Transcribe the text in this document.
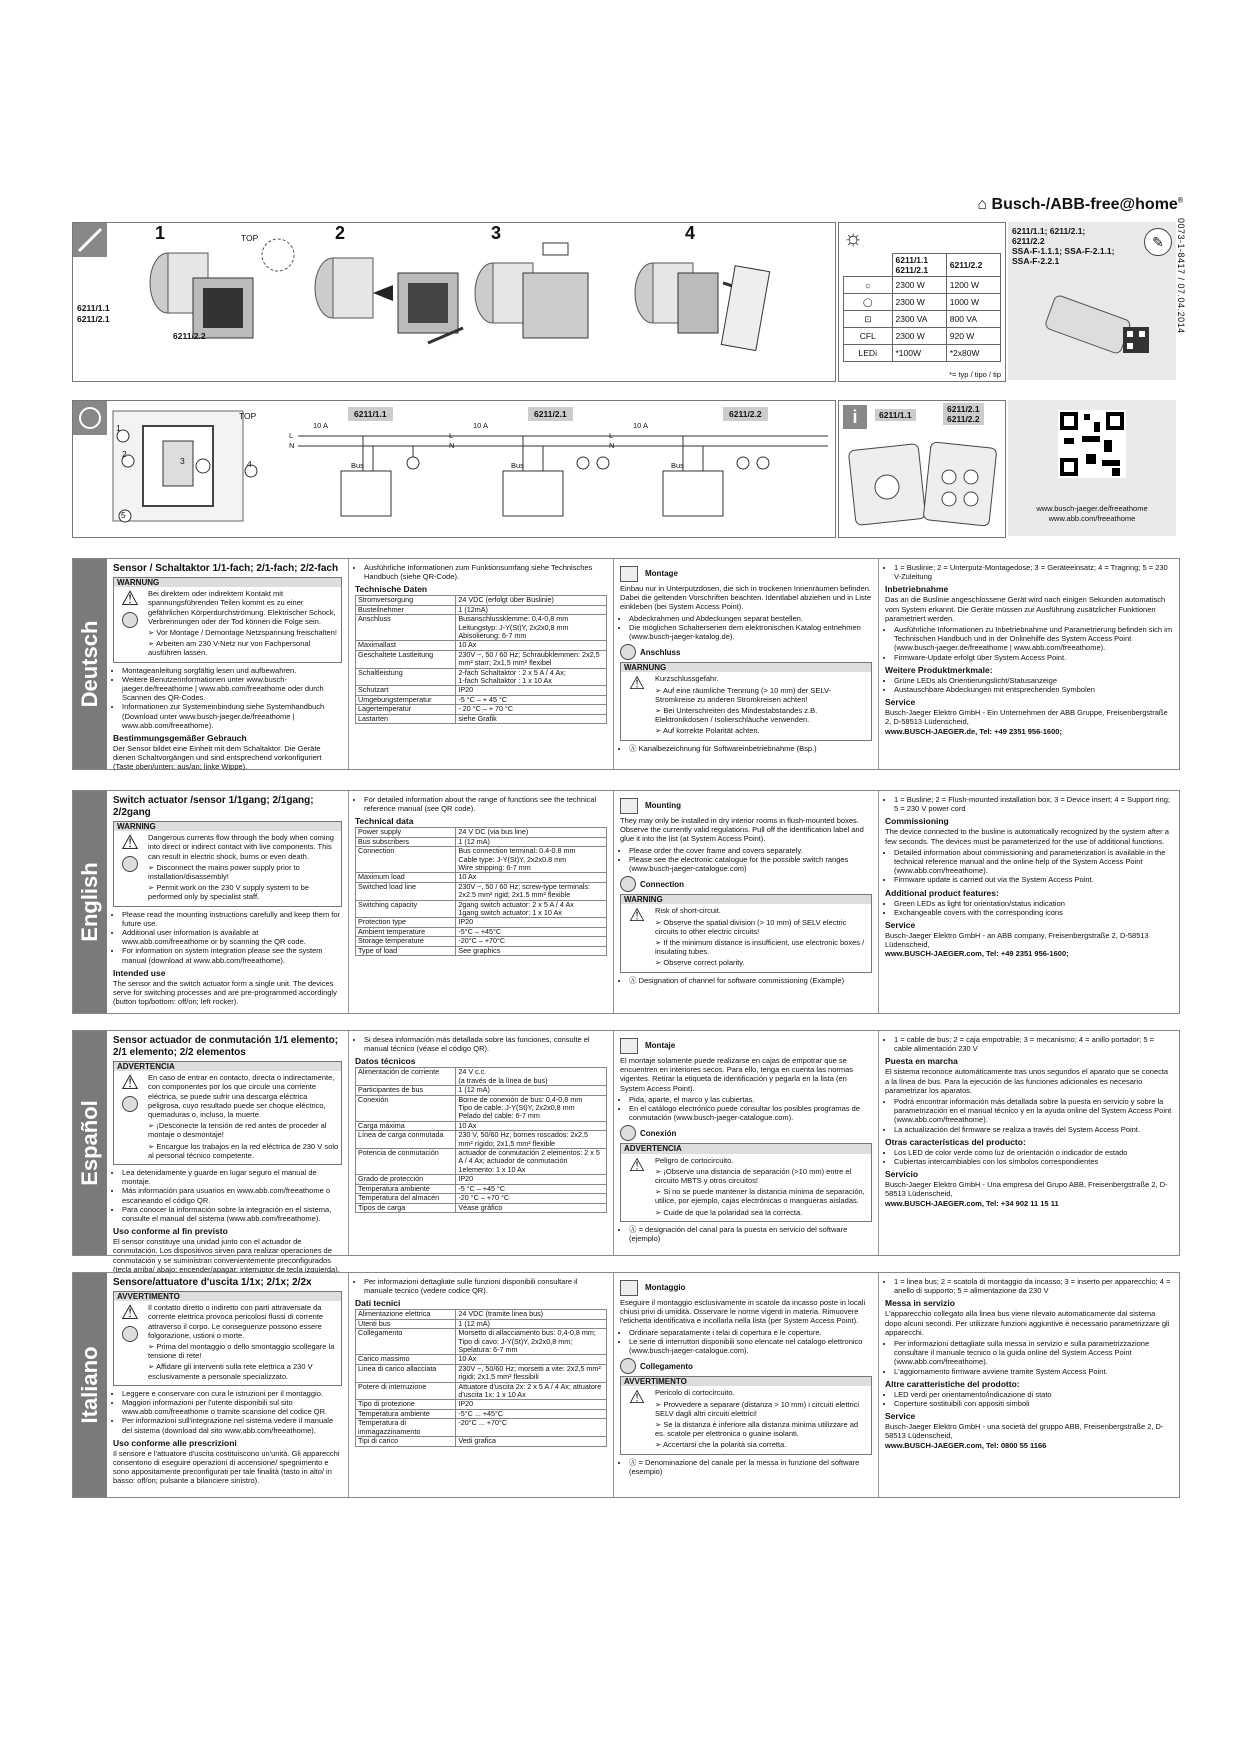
⌂ Busch-/ABB-free@home®
0073-1-8417 / 07.04.2014
1	2	3	4
TOP
6211/1.1
6211/2.1
6211/2.2
☼
	6211/1.1
6211/2.1	6211/2.2
☼	2300 W	1200 W
◯	2300 W	1000 W
⊡	2300 VA	800 VA
CFL	2300 W	920 W
LEDi	*100W	*2x80W
*= typ / tipo / tip
6211/1.1; 6211/2.1;
6211/2.2
SSA-F-1.1.1; SSA-F-2.1.1;
SSA-F-2.2.1
✎
TOP
1
2
3	4
5
6211/1.1	6211/2.1	6211/2.2
10 A	10 A	10 A
L
N
L
N
L
N
Bus	Bus	Bus
i	6211/1.1
6211/2.1
6211/2.2
www.busch-jaeger.de/freeathome
www.abb.com/freeathome
Deutsch
Sensor / Schaltaktor 1/1-fach; 2/1-fach; 2/2-fach
WARNUNG
⚠ Bei direktem oder indirektem Kontakt mit spannungsführenden Teilen kommt es zu einer gefährlichen Körperdurchströmung. Elektrischer Schock, Verbrennungen oder der Tod können die Folge sein.

➢ Vor Montage / Demontage Netzspannung freischalten!

➢ Arbeiten am 230 V-Netz nur von Fachpersonal ausführen lassen.

• Montageanleitung sorgfältig lesen und aufbewahren.
• Weitere Benutzerinformationen unter www.busch-jaeger.de/freeathome | www.abb.com/freeathome oder durch Scannen des QR-Codes.
• Informationen zur Systemeinbindung siehe Systemhandbuch (Download unter www.busch-jaeger.de/freeathome | www.abb.com/freeathome).
Bestimmungsgemäßer Gebrauch

Der Sensor bildet eine Einheit mit dem Schaltaktor. Die Geräte dienen Schaltvorgängen und sind entsprechend vorkonfiguriert (Taste oben/unten: aus/an; linke Wippe).

• Ausführliche Informationen zum Funktionsumfang siehe Technisches Handbuch (siehe QR-Code).
Technische Daten
Stromversorgung	24 VDC (erfolgt über Buslinie)
Busteilnehmer	1 (12mA)
Anschluss	Busanschlussklemme: 0,4-0,8 mm
Leitungstyp: J-Y(St)Y, 2x2x0,8 mm
Abisolierung: 6-7 mm
Maximallast	10 Ax
Geschaltete Lastleitung	230V ~, 50 / 60 Hz; Schraubklemmen: 2x2,5 mm² starr; 2x1,5 mm² flexibel
Schaltleistung	2-fach Schaltaktor : 2 x 5 A / 4 Ax;
1-fach Schaltaktor : 1 x 10 Ax
Schutzart	IP20
Umgebungstemperatur	-5 °C – + 45 °C
Lagertemperatur	- 20 °C – + 70 °C
Lastarten	siehe Grafik
Montage

Einbau nur in Unterputzdosen, die sich in trockenen Innenräumen befinden. Dabei die geltenden Vorschriften beachten. Identlabel abziehen und in Liste einkleben (bei System Access Point).

• Abdeckrahmen und Abdeckungen separat bestellen.
• Die möglichen Schalterserien dem elektronischen Katalog entnehmen (www.busch-jaeger-katalog.de).
Anschluss
WARNUNG
⚠ Kurzschlussgefahr.

➢ Auf eine räumliche Trennung (> 10 mm) der SELV-Stromkreise zu anderen Stromkreisen achten!

➢ Bei Unterschreiten des Mindestabstandes z.B. Elektronikdosen / Isolierschläuche verwenden.

➢ Auf korrekte Polarität achten.

• Ⓐ Kanalbezeichnung für Softwareinbetriebnahme (Bsp.)
• 1 = Buslinie; 2 = Unterputz-Montagedose; 3 = Geräteeinsatz; 4 = Tragring; 5 = 230 V-Zuleitung
Inbetriebnahme

Das an die Buslinie angeschlossene Gerät wird nach einigen Sekunden automatisch vom System erkannt. Die Geräte müssen zur Ausführung zusätzlicher Funktionen parametriert werden.

• Ausführliche Informationen zu Inbetriebnahme und Parametrierung befinden sich im Technischen Handbuch und in der Onlinehilfe des System Access Point (www.busch-jaeger.de/freeathome | www.abb.com/freeathome).
• Firmware-Update erfolgt über System Access Point.
Weitere Produktmerkmale:
• Grüne LEDs als Orientierungslicht/Statusanzeige
• Austauschbare Abdeckungen mit entsprechenden Symbolen
Service

Busch-Jaeger Elektro GmbH - Ein Unternehmen der ABB Gruppe, Freisenbergstraße 2, D-58513 Lüdenscheid,
www.BUSCH-JAEGER.de, Tel: +49 2351 956-1600;

English
Switch actuator /sensor 1/1gang; 2/1gang; 2/2gang
WARNING
⚠ Dangerous currents flow through the body when coming into direct or indirect contact with live components. This can result in electric shock, burns or even death.

➢ Disconnect the mains power supply prior to installation/disassembly!

➢ Permit work on the 230 V supply system to be performed only by specialist staff.

• Please read the mounting instructions carefully and keep them for future use.
• Additional user information is available at www.abb.com/freeathome or by scanning the QR code.
• For information on system integration please see the system manual (download at www.abb.com/freeathome).
Intended use

The sensor and the switch actuator form a single unit. The devices serve for switching processes and are pre-programmed accordingly (button top/bottom: off/on; left rocker).

• For detailed information about the range of functions see the technical reference manual (see QR code).
Technical data
Power supply	24 V DC (via bus line)
Bus subscribers	1 (12 mA)
Connection	Bus connection terminal: 0.4-0.8 mm
Cable type: J-Y(St)Y, 2x2x0.8 mm
Wire stripping: 6-7 mm
Maximum load	10 Ax
Switched load line	230V ~, 50 / 60 Hz; screw-type terminals: 2x2.5 mm² rigid; 2x1.5 mm² flexible
Switching capacity	2gang switch actuator: 2 x 5 A / 4 Ax
1gang switch actuator: 1 x 10 Ax
Protection type	IP20
Ambient temperature	-5°C – +45°C
Storage temperature	-20°C – +70°C
Type of load	See graphics
Mounting

They may only be installed in dry interior rooms in flush-mounted boxes. Observe the currently valid regulations. Pull off the identification label and glue it into the list (at System Access Point).

• Please order the cover frame and covers separately.
• Please see the electronic catalogue for the possible switch ranges (www.busch-jaeger-catalogue.com)
Connection
WARNING
⚠ Risk of short-circuit.

➢ Observe the spatial division (> 10 mm) of SELV electric circuits to other electric circuits!

➢ If the minimum distance is insufficient, use electronic boxes / insulating tubes.

➢ Observe correct polarity.

• Ⓐ Designation of channel for software commissioning (Example)
• 1 = Busline; 2 = Flush-mounted installation box; 3 = Device insert; 4 = Support ring; 5 = 230 V power cord
Commissioning

The device connected to the busline is automatically recognized by the system after a few seconds. The devices must be parameterized for the use of additional functions.

• Detailed information about commissioning and parameterization is available in the technical reference manual and the online help of the System Access Point (www.abb.com/freeathome).
• Firmware update is carried out via the System Access Point.
Additional product features:
• Green LEDs as light for orientation/status indication
• Exchangeable covers with the corresponding icons
Service

Busch-Jaeger Elektro GmbH - an ABB company, Freisenbergstraße 2, D-58513 Lüdenscheid,
www.BUSCH-JAEGER.com, Tel: +49 2351 956-1600;

Español
Sensor actuador de conmutación 1/1 elemento; 2/1 elemento; 2/2 elementos
ADVERTENCIA
⚠ En caso de entrar en contacto, directa o indirectamente, con componentes por los que circule una corriente eléctrica, se puede sufrir una descarga eléctrica peligrosa, cuyo resultado puede ser choque eléctrico, quemaduras o, incluso, la muerte.

➢ ¡Desconecte la tensión de red antes de proceder al montaje o desmontaje!

➢ Encargue los trabajos en la red eléctrica de 230 V solo al personal técnico competente.

• Lea detenidamente y guarde en lugar seguro el manual de montaje.
• Más información para usuarios en www.abb.com/freeathome o escaneando el código QR.
• Para conocer la información sobre la integración en el sistema, consulte el manual del sistema (www.abb.com/freeathome).
Uso conforme al fin previsto

El sensor constituye una unidad junto con el actuador de conmutación. Los dispositivos sirven para realizar operaciones de conmutación y se suministran convenientemente preconfigurados (tecla arriba/ abajo: encender/apagar; interruptor de tecla izquierda).

• Si desea información más detallada sobre las funciones, consulte el manual técnico (véase el código QR).
Datos técnicos
Alimentación de corriente	24 V c.c.
(a través de la línea de bus)
Participantes de bus	1 (12 mA)
Conexión	Borne de conexión de bus: 0,4-0,8 mm
Tipo de cable: J-Y(St)Y, 2x2x0,8 mm
Pelado del cable: 6-7 mm
Carga máxima	10 Ax
Línea de carga conmutada	230 V, 50/60 Hz; bornes roscados: 2x2,5 mm² rígido; 2x1,5 mm² flexible
Potencia de conmutación	actuador de conmutación 2 elementos: 2 x 5 A / 4 Ax; actuador de conmutación 1elemento: 1 x 10 Ax
Grado de protección	IP20
Temperatura ambiente	-5 °C – +45 °C
Temperatura del almacén	-20 °C – +70 °C
Tipos de carga	Véase gráfico
Montaje

El montaje solamente puede realizarse en cajas de empotrar que se encuentren en interiores secos. Para ello, tenga en cuenta las normas vigentes. Retirar la etiqueta de identificación y pegarla en la lista (en System Access Point).

• Pida, aparte, el marco y las cubiertas.
• En el catálogo electrónico puede consultar los posibles programas de conmutación (www.busch-jaeger-catalogue.com).
Conexión
ADVERTENCIA
⚠ Peligro de cortocircuito.

➢ ¡Observe una distancia de separación (>10 mm) entre el circuito MBTS y otros circuitos!

➢ Si no se puede mantener la distancia mínima de separación, utilice, por ejemplo, cajas electrónicas o mangueras aisladas.

➢ Cuide de que la polaridad sea la correcta.

• Ⓐ = designación del canal para la puesta en servicio del software (ejemplo)
• 1 = cable de bus; 2 = caja empotrable; 3 = mecanismo; 4 = anillo portador; 5 = cable alimentación 230 V
Puesta en marcha

El sistema reconoce automáticamente tras unos segundos el aparato que se conecta a la línea de bus. Para la ejecución de las funciones adicionales es necesario parametrizar los aparatos.

• Podrá encontrar información más detallada sobre la puesta en servicio y sobre la parametrización en el manual técnico y en la ayuda online del System Access Point (www.abb.com/freeathome).
• La actualización del firmware se realiza a través del System Access Point.
Otras características del producto:
• Los LED de color verde como luz de orientación o indicador de estado
• Cubiertas intercambiables con los símbolos correspondientes
Servicio

Busch-Jaeger Elektro GmbH - Una empresa del Grupo ABB, Freisenbergstraße 2, D-58513 Lüdenscheid,
www.BUSCH-JAEGER.com, Tel: +34 902 11 15 11

Italiano
Sensore/attuatore d'uscita 1/1x; 2/1x; 2/2x
AVVERTIMENTO
⚠ Il contatto diretto o indiretto con parti attraversate da corrente elettrica provoca pericolosi flussi di corrente attraverso il corpo. Le conseguenze possono essere folgorazione, ustioni o morte.

➢ Prima del montaggio o dello smontaggio scollegare la tensione di rete!

➢ Affidare gli interventi sulla rete elettrica a 230 V esclusivamente a personale specializzato.

• Leggere e conservare con cura le istruzioni per il montaggio.
• Maggiori informazioni per l'utente disponibili sul sito www.abb.com/freeathome o tramite scansione del codice QR.
• Per informazioni sull'integrazione nel sistema vedere il manuale del sistema (download dal sito www.abb.com/freeathome).
Uso conforme alle prescrizioni

Il sensore e l'attuatore d'uscita costituiscono un'unità. Gli apparecchi consentono di eseguire operazioni di accensione/ spegnimento e sono appositamente preconfigurati per tale finalità (tasto in alto/ in basso: off/on; pulsante a bilanciere sinistro).

• Per informazioni dettagliate sulle funzioni disponibili consultare il manuale tecnico (vedere codice QR).
Dati tecnici
Alimentazione elettrica	24 VDC (tramite linea bus)
Utenti bus	1 (12 mA)
Collegamento	Morsetto di allacciamento bus: 0,4-0,8 mm; Tipo di cavo: J-Y(St)Y, 2x2x0,8 mm; Spelatura: 6-7 mm
Carico massimo	10 Ax
Linea di carico allacciata	230V ~, 50/60 Hz; morsetti a vite: 2x2,5 mm² rigidi; 2x1,5 mm² flessibili
Potere di interruzione	Attuatore d'uscita 2x: 2 x 5 A / 4 Ax; attuatore d'uscita 1x: 1 x 10 Ax
Tipo di protezione	IP20
Temperatura ambiente	-5°C ... +45°C
Temperatura di immagazzinamento	-20°C ... +70°C
Tipi di carico	Vedi grafica
Montaggio

Eseguire il montaggio esclusivamente in scatole da incasso poste in locali chiusi privi di umidità. Osservare le norme vigenti in materia. Rimuovere l'etichetta identificativa e incollarla nella lista (per System Access Point).

• Ordinare separatamente i telai di copertura e le coperture.
• Le serie di interruttori disponibili sono elencate nel catalogo elettronico (www.busch-jaeger-catalogue.com).
Collegamento
AVVERTIMENTO
⚠ Pericolo di cortocircuito.

➢ Provvedere a separare (distanza > 10 mm) i circuiti elettrici SELV dagli altri circuiti elettrici!

➢ Se la distanza è inferiore alla distanza minima utilizzare ad es. scatole per elettronica o guaine isolanti.

➢ Accertarsi che la polarità sia corretta.

• Ⓐ = Denominazione del canale per la messa in funzione del software (esempio)
• 1 = linea bus; 2 = scatola di montaggio da incasso; 3 = inserto per apparecchio; 4 = anello di supporto; 5 = alimentazione da 230 V
Messa in servizio

L'apparecchio collegato alla linea bus viene rilevato automaticamente dal sistema dopo alcuni secondi. Per utilizzare funzioni aggiuntive è necessario parametrizzare gli apparecchi.

• Per informazioni dettagliate sulla messa in servizio e sulla parametrizzazione consultare il manuale tecnico o la guida online del System Access Point (www.abb.com/freeathome).
• L'aggiornamento firmware avviene tramite System Access Point.
Altre caratteristiche del prodotto:
• LED verdi per orientamento/indicazione di stato
• Coperture sostituibili con appositi simboli
Service

Busch-Jaeger Elektro GmbH - una società del gruppo ABB, Freisenbergstraße 2, D-58513 Lüdenscheid,
www.BUSCH-JAEGER.com, Tel: 0800 55 1166
